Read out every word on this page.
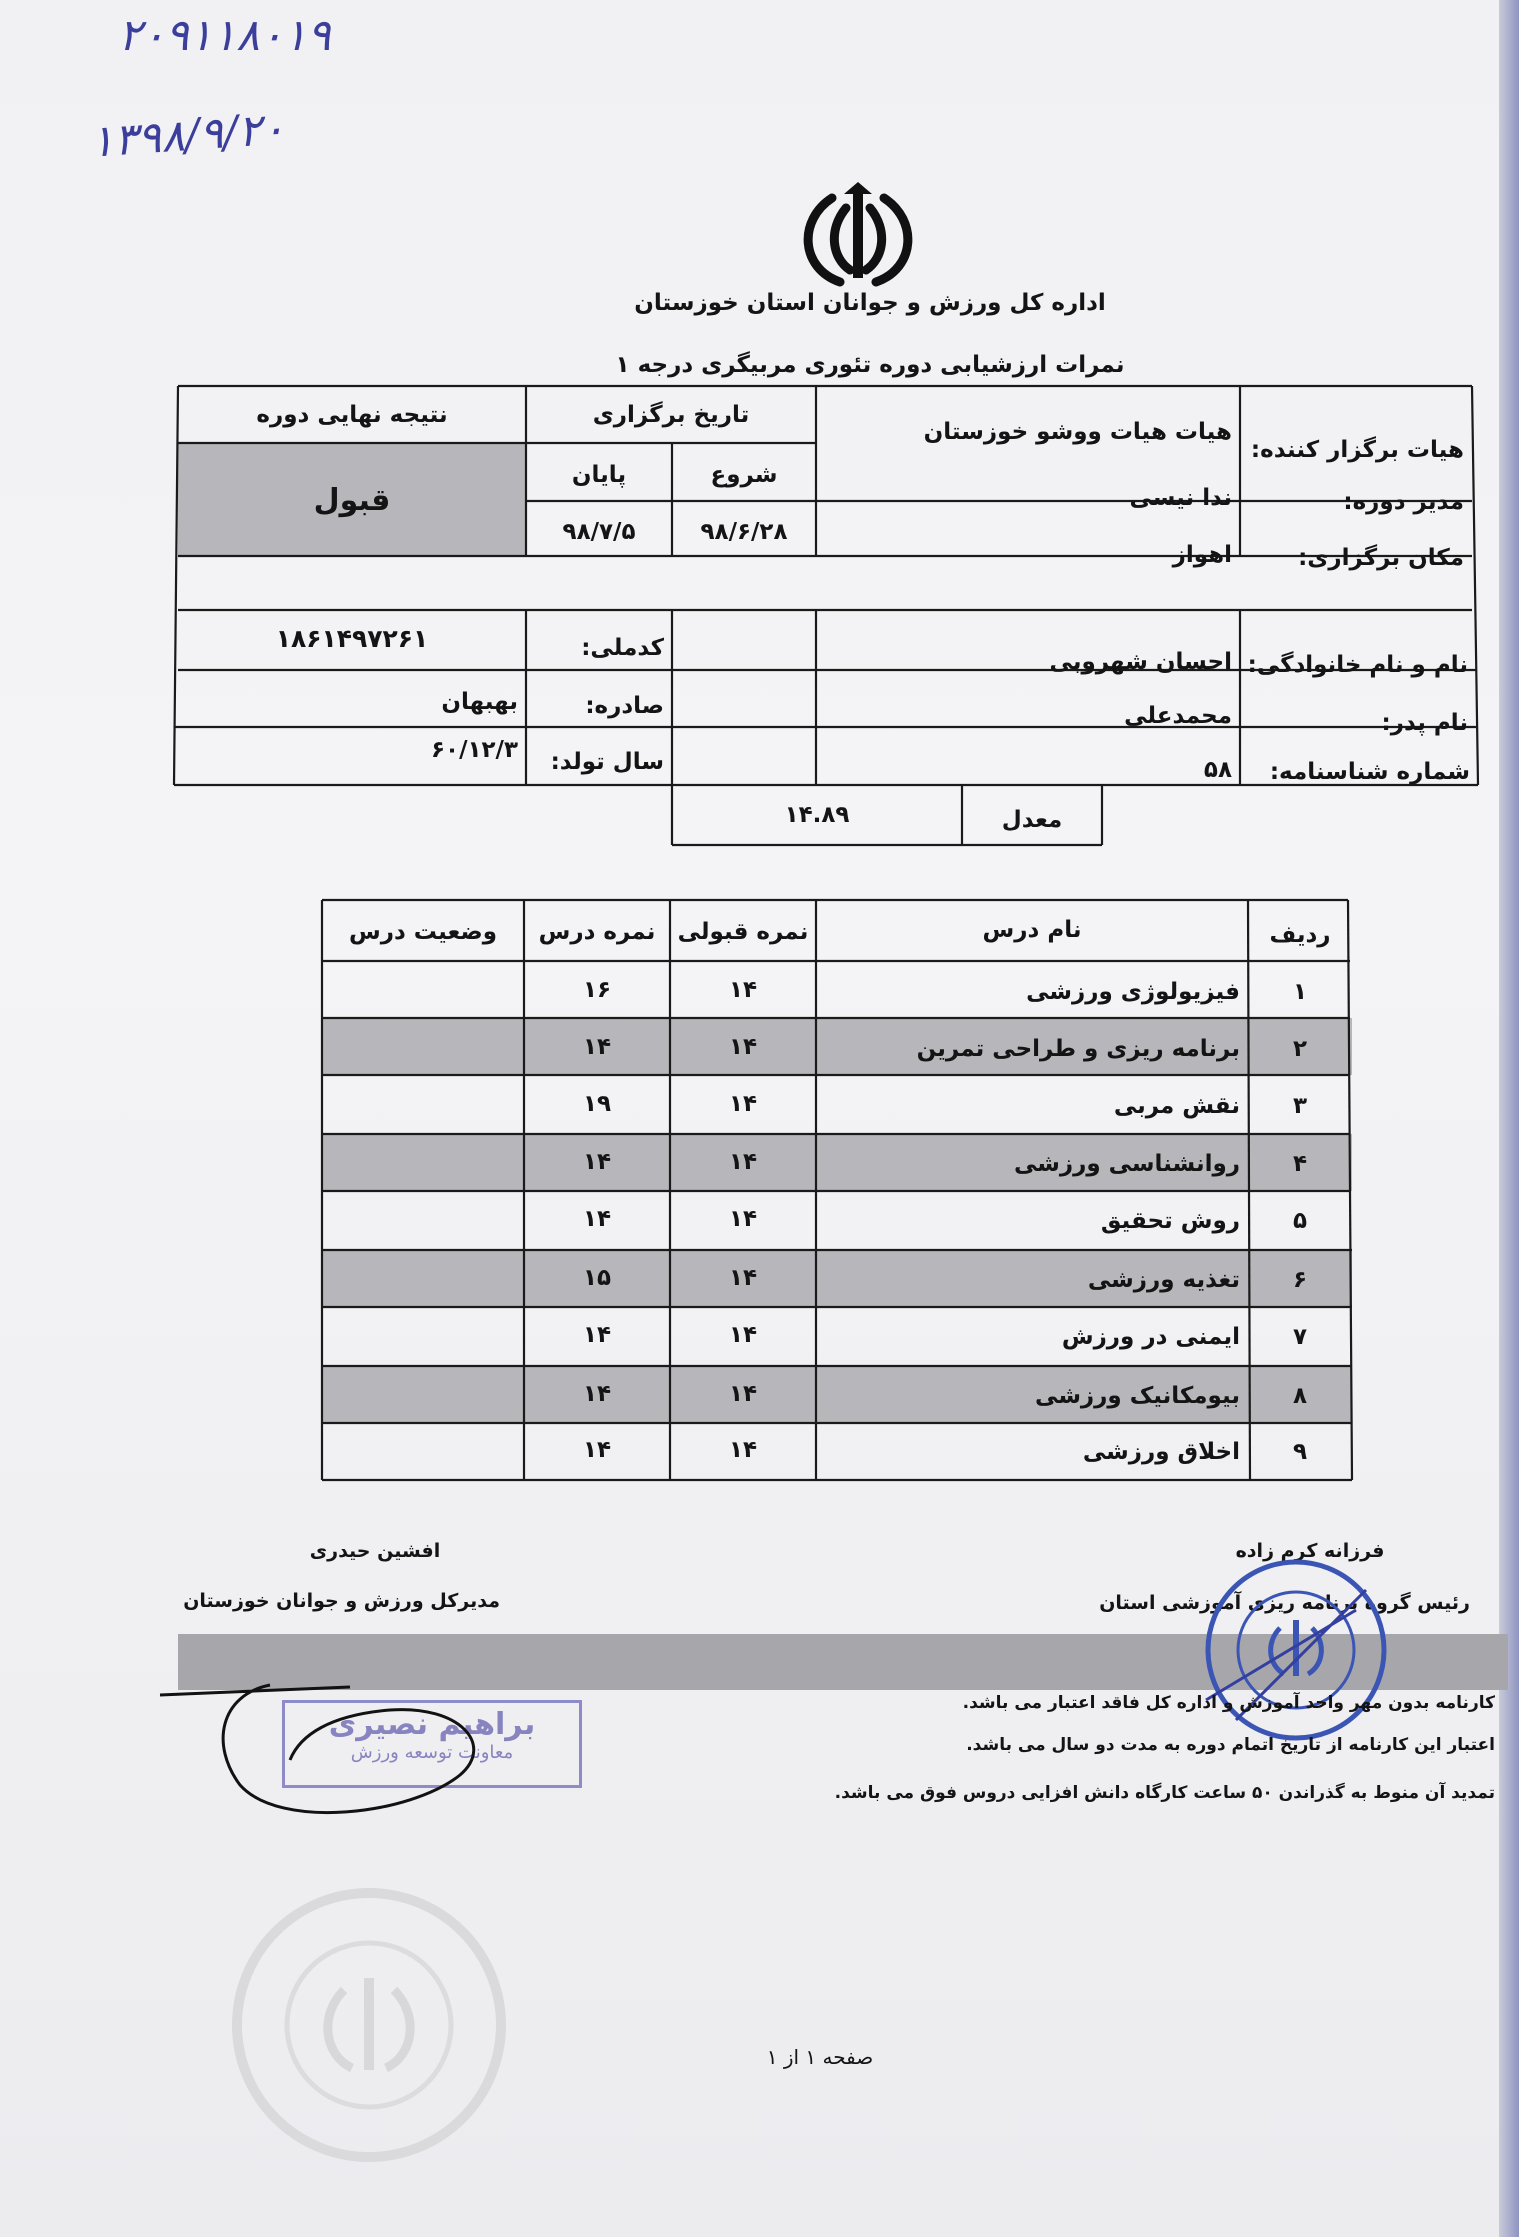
۲۰۹۱۱۸۰۱۹
۱۳۹۸/۹/۲۰
اداره کل ورزش و جوانان استان خوزستان
نمرات ارزشیابی دوره تئوری مربیگری درجه ۱
هیات برگزار کننده:
هیات هیات ووشو خوزستان
مدیر دوره:
ندا نیسی
مکان برگزاری:
اهواز
تاریخ برگزاری
شروع
پایان
۹۸/۶/۲۸
۹۸/۷/۵
نتیجه نهایی دوره
قبول
نام و نام خانوادگی:
احسان شهروبی
نام پدر:
محمدعلی
شماره شناسنامه:
۵۸
کدملی:
۱۸۶۱۴۹۷۲۶۱
صادره:
بهبهان
سال تولد:
۶۰/۱۲/۳
معدل
۱۴.۸۹
ردیف
نام درس
نمره قبولی
نمره درس
وضعیت درس
۱
فیزیولوژی ورزشی
۱۴
۱۶
۲
برنامه ریزی و طراحی تمرین
۱۴
۱۴
۳
نقش مربی
۱۴
۱۹
۴
روانشناسی ورزشی
۱۴
۱۴
۵
روش تحقیق
۱۴
۱۴
۶
تغذیه ورزشی
۱۴
۱۵
۷
ایمنی در ورزش
۱۴
۱۴
۸
بیومکانیک ورزشی
۱۴
۱۴
۹
اخلاق ورزشی
۱۴
۱۴
افشین حیدری
مدیرکل ورزش و جوانان خوزستان
فرزانه کرم زاده
رئیس گروه برنامه ریزی آموزشی استان
براهیم نصیری
معاونت توسعه ورزش
کارنامه بدون مهر واحد آموزش و اداره کل فاقد اعتبار می باشد.
اعتبار این کارنامه از تاریخ اتمام دوره به مدت دو سال می باشد.
تمدید آن منوط به گذراندن ۵۰ ساعت کارگاه دانش افزایی دروس فوق می باشد.
صفحه ۱ از ۱
